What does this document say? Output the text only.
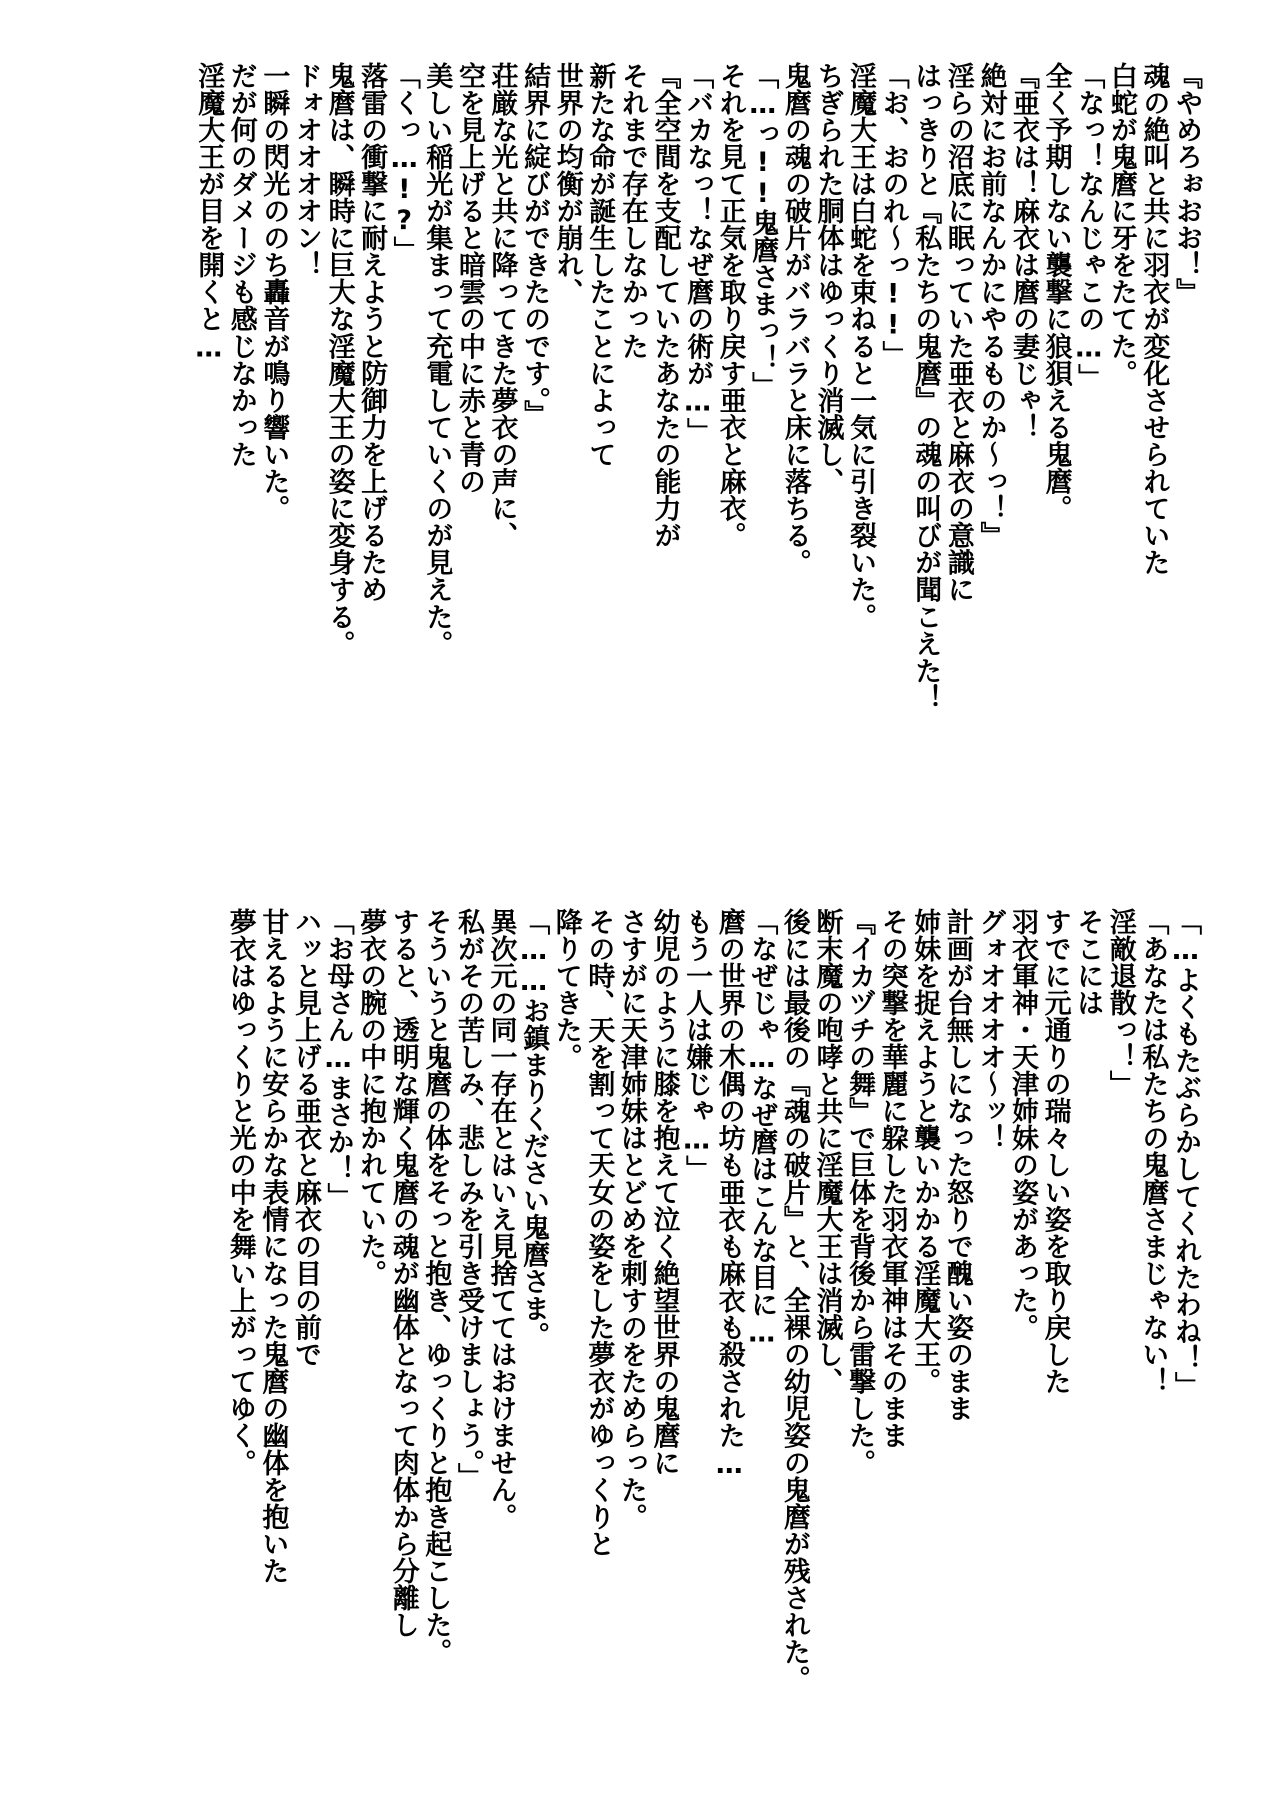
『やめろぉおお！』
魂の絶叫と共に羽衣が変化させられていた
白蛇が鬼麿に牙をたてた。
「なっ！なんじゃこの…」
全く予期しない襲撃に狼狽える鬼麿。
『亜衣は！麻衣は麿の妻じゃ！
絶対にお前なんかにやるものか〜っ！』
淫らの沼底に眠っていた亜衣と麻衣の意識に
はっきりと『私たちの鬼麿』の魂の叫びが聞こえた！
「お、おのれ〜っ!!」
淫魔大王は白蛇を束ねると一気に引き裂いた。
ちぎられた胴体はゆっくり消滅し、
鬼麿の魂の破片がバラバラと床に落ちる。
「…っ!!鬼麿さまっ！」
それを見て正気を取り戻す亜衣と麻衣。
「バカなっ！なぜ麿の術が…」
『全空間を支配していたあなたの能力が
それまで存在しなかった
新たな命が誕生したことによって
世界の均衡が崩れ、
結界に綻びができたのです。』
荘厳な光と共に降ってきた夢衣の声に、
空を見上げると暗雲の中に赤と青の
美しい稲光が集まって充電していくのが見えた。
「くっ…!?」
落雷の衝撃に耐えようと防御力を上げるため
鬼麿は、瞬時に巨大な淫魔大王の姿に変身する。
ドォオオオオン！
一瞬の閃光ののち轟音が鳴り響いた。
だが何のダメージも感じなかった
淫魔大王が目を開くと…
「…よくもたぶらかしてくれたわね！」
「あなたは私たちの鬼麿さまじゃない！
淫敵退散っ！」
そこには
すでに元通りの瑞々しい姿を取り戻した
羽衣軍神・天津姉妹の姿があった。
グォオオオオ〜ッ！
計画が台無しになった怒りで醜い姿のまま
姉妹を捉えようと襲いかかる淫魔大王。
その突撃を華麗に躱した羽衣軍神はそのまま
『イカヅチの舞』で巨体を背後から雷撃した。
断末魔の咆哮と共に淫魔大王は消滅し、
後には最後の『魂の破片』と、全裸の幼児姿の鬼麿が残された。
「なぜじゃ…なぜ麿はこんな目に…
麿の世界の木偶の坊も亜衣も麻衣も殺された…
もう一人は嫌じゃ…」
幼児のように膝を抱えて泣く絶望世界の鬼麿に
さすがに天津姉妹はとどめを刺すのをためらった。
その時、天を割って天女の姿をした夢衣がゆっくりと
降りてきた。
「……お鎮まりください鬼麿さま。
異次元の同一存在とはいえ見捨ててはおけません。
私がその苦しみ、悲しみを引き受けましょう。」
そういうと鬼麿の体をそっと抱き、ゆっくりと抱き起こした。
すると、透明な輝く鬼麿の魂が幽体となって肉体から分離し
夢衣の腕の中に抱かれていた。
「お母さん…まさか！」
ハッと見上げる亜衣と麻衣の目の前で
甘えるように安らかな表情になった鬼麿の幽体を抱いた
夢衣はゆっくりと光の中を舞い上がってゆく。
